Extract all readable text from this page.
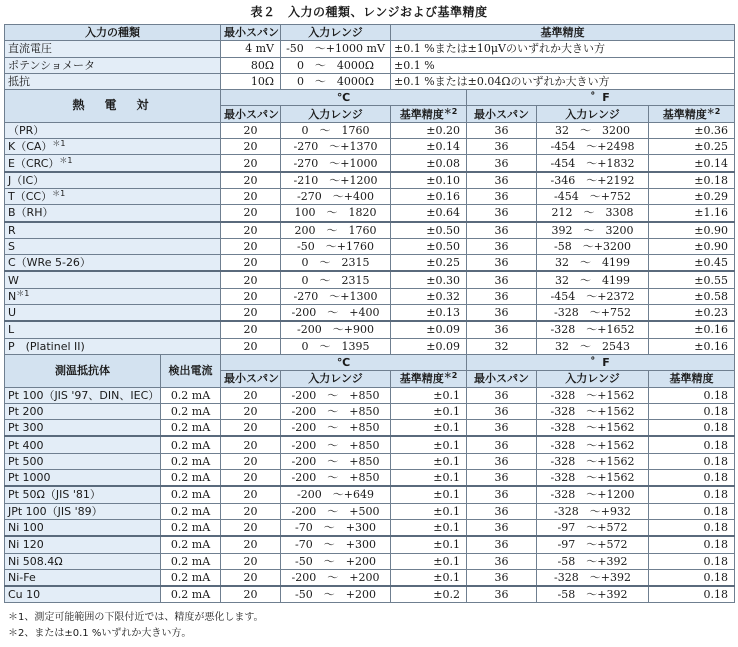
表２　入力の種類、レンジおよび基準精度
入力の種類		最小スパン	入力レンジ	基準精度			
直流電圧		4 mV	-50　～+1000 mV	±0.1 %または±10μVのいずれか大きい方			
ポテンショメータ		80Ω	0　～　4000Ω	±0.1 %			
抵抗		10Ω	0　～　4000Ω	±0.1 %または±0.04Ωのいずれか大きい方			
熱　電　対		℃			゜F		
		最小スパン	入力レンジ	基準精度$^{*2}$	最小スパン	入力レンジ	基準精度$^{*2}$
（PR）		20	0　～　1760	±0.20	36	32　～　3200	±0.36
K（CA）$^{*1}$		20	-270　～+1370	±0.14	36	-454　～+2498	±0.25
E（CRC）$^{*1}$		20	-270　～+1000	±0.08	36	-454　～+1832	±0.14
J（IC）		20	-210　～+1200	±0.10	36	-346　～+2192	±0.18
T（CC）$^{*1}$		20	-270　～+400	±0.16	36	-454　～+752	±0.29
B（RH）		20	100　～　1820	±0.64	36	212　～　3308	±1.16
R		20	200　～　1760	±0.50	36	392　～　3200	±0.90
S		20	-50　～+1760	±0.50	36	-58　～+3200	±0.90
C（WRe 5-26）		20	0　～　2315	±0.25	36	32　～　4199	±0.45
W		20	0　～　2315	±0.30	36	32　～　4199	±0.55
$N^{*1}$		20	-270　～+1300	±0.32	36	-454　～+2372	±0.58
U		20	-200　～　+400	±0.13	36	-328　～+752	±0.23
L		20	-200　～+900	±0.09	36	-328　～+1652	±0.16
P　(Platinel II)		20	0　～　1395	±0.09	32	32　～　2543	±0.16
測温抵抗体	検出電流	℃			゜F		
		最小スパン	入力レンジ	基準精度$^{*2}$	最小スパン	入力レンジ	基準精度
Pt 100（JIS '97、DIN、IEC）	0.2 mA	20	-200　～　+850	±0.1	36	-328　～+1562	0.18
Pt 200	0.2 mA	20	-200　～　+850	±0.1	36	-328　～+1562	0.18
Pt 300	0.2 mA	20	-200　～　+850	±0.1	36	-328　～+1562	0.18
Pt 400	0.2 mA	20	-200　～　+850	±0.1	36	-328　～+1562	0.18
Pt 500	0.2 mA	20	-200　～　+850	±0.1	36	-328　～+1562	0.18
Pt 1000	0.2 mA	20	-200　～　+850	±0.1	36	-328　～+1562	0.18
Pt 50Ω（JIS '81）	0.2 mA	20	-200　～+649	±0.1	36	-328　～+1200	0.18
JPt 100（JIS '89）	0.2 mA	20	-200　～　+500	±0.1	36	-328　～+932	0.18
Ni 100	0.2 mA	20	-70　～　+300	±0.1	36	-97　～+572	0.18
Ni 120	0.2 mA	20	-70　～　+300	±0.1	36	-97　～+572	0.18
Ni 508.4Ω	0.2 mA	20	-50　～　+200	±0.1	36	-58　～+392	0.18
Ni-Fe	0.2 mA	20	-200　～　+200	±0.1	36	-328　～+392	0.18
Cu 10	0.2 mA	20	-50　～　+200	±0.2	36	-58　～+392	0.18
＊1、測定可能範囲の下限付近では、精度が悪化します。
＊2、または±0.1 %いずれか大きい方。
